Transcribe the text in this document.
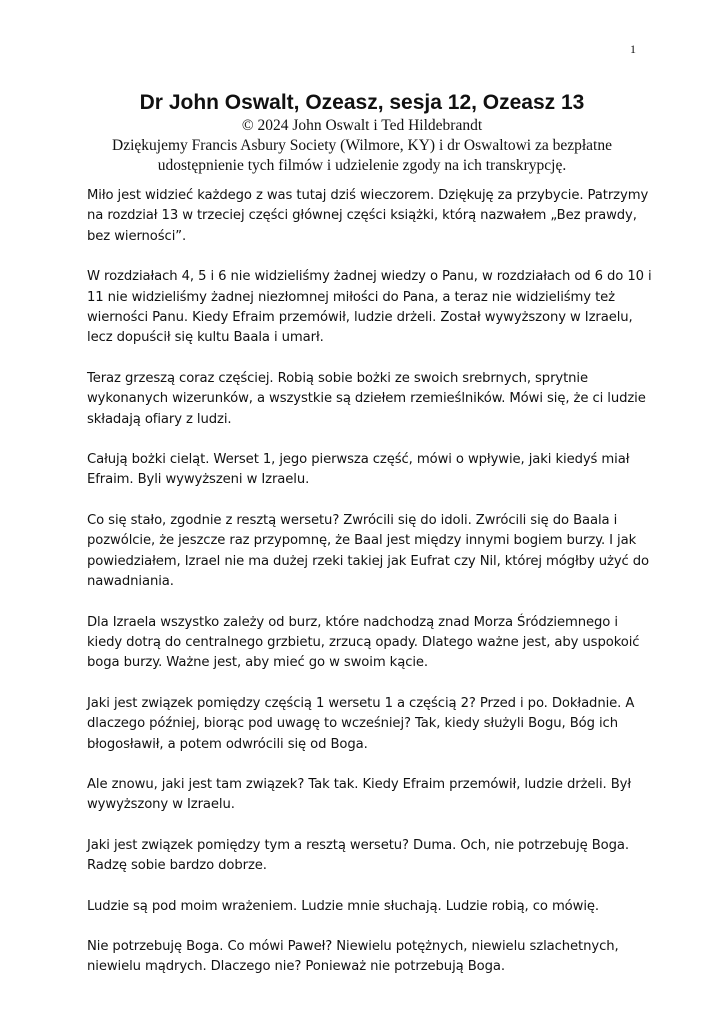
1
Dr John Oswalt, Ozeasz, sesja 12, Ozeasz 13

© 2024 John Oswalt i Ted Hildebrandt

Dziękujemy Francis Asbury Society (Wilmore, KY) i dr Oswaltowi za bezpłatne

udostępnienie tych filmów i udzielenie zgody na ich transkrypcję.

Miło jest widzieć każdego z was tutaj dziś wieczorem. Dziękuję za przybycie. Patrzymy na rozdział 13 w trzeciej części głównej części książki, którą nazwałem „Bez prawdy, bez wierności”.

W rozdziałach 4, 5 i 6 nie widzieliśmy żadnej wiedzy o Panu, w rozdziałach od 6 do 10 i 11 nie widzieliśmy żadnej niezłomnej miłości do Pana, a teraz nie widzieliśmy też wierności Panu. Kiedy Efraim przemówił, ludzie drżeli. Został wywyższony w Izraelu, lecz dopuścił się kultu Baala i umarł.

Teraz grzeszą coraz częściej. Robią sobie bożki ze swoich srebrnych, sprytnie wykonanych wizerunków, a wszystkie są dziełem rzemieślników. Mówi się, że ci ludzie składają ofiary z ludzi.

Całują bożki cieląt. Werset 1, jego pierwsza część, mówi o wpływie, jaki kiedyś miał Efraim. Byli wywyższeni w Izraelu.

Co się stało, zgodnie z resztą wersetu? Zwrócili się do idoli. Zwrócili się do Baala i pozwólcie, że jeszcze raz przypomnę, że Baal jest między innymi bogiem burzy. I jak powiedziałem, Izrael nie ma dużej rzeki takiej jak Eufrat czy Nil, której mógłby użyć do nawadniania.

Dla Izraela wszystko zależy od burz, które nadchodzą znad Morza Śródziemnego i kiedy dotrą do centralnego grzbietu, zrzucą opady. Dlatego ważne jest, aby uspokoić boga burzy. Ważne jest, aby mieć go w swoim kącie.

Jaki jest związek pomiędzy częścią 1 wersetu 1 a częścią 2? Przed i po. Dokładnie. A dlaczego później, biorąc pod uwagę to wcześniej? Tak, kiedy służyli Bogu, Bóg ich błogosławił, a potem odwrócili się od Boga.

Ale znowu, jaki jest tam związek? Tak tak. Kiedy Efraim przemówił, ludzie drżeli. Był wywyższony w Izraelu.

Jaki jest związek pomiędzy tym a resztą wersetu? Duma. Och, nie potrzebuję Boga. Radzę sobie bardzo dobrze.

Ludzie są pod moim wrażeniem. Ludzie mnie słuchają. Ludzie robią, co mówię.

Nie potrzebuję Boga. Co mówi Paweł? Niewielu potężnych, niewielu szlachetnych, niewielu mądrych. Dlaczego nie? Ponieważ nie potrzebują Boga.
